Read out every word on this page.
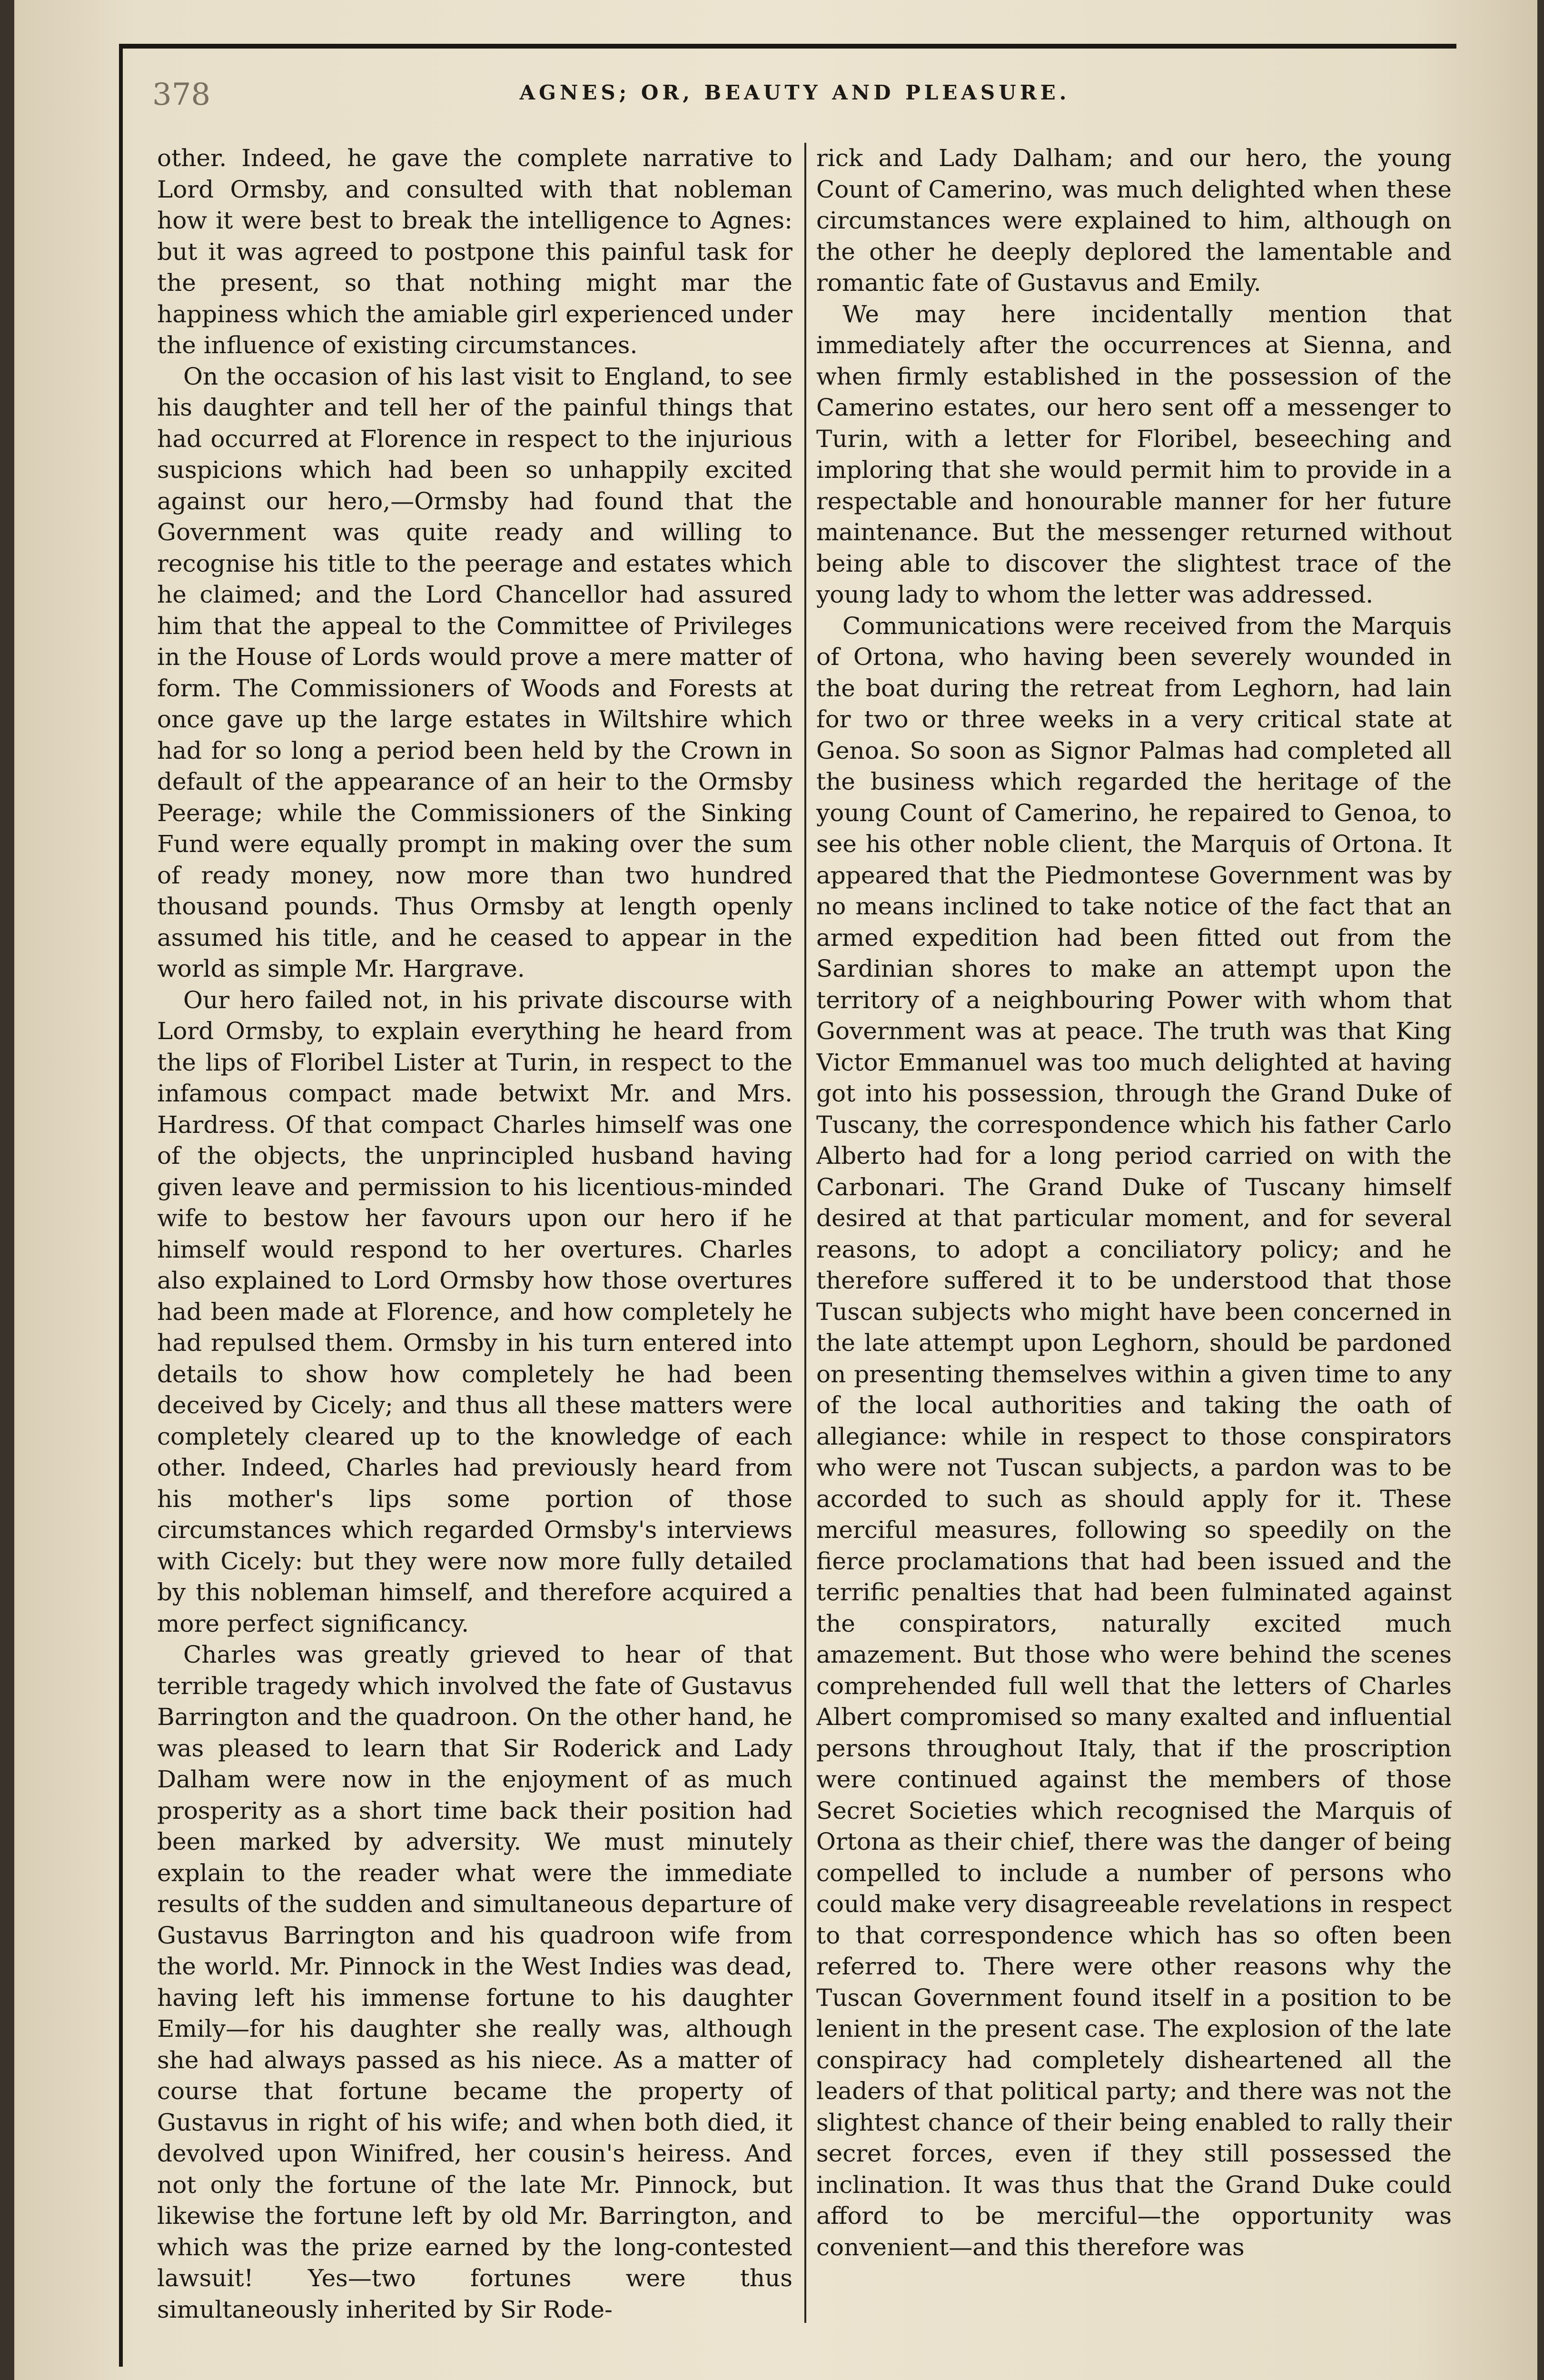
378	AGNES; OR, BEAUTY AND PLEASURE.

other. Indeed, he gave the complete narrative to Lord Ormsby, and consulted with that nobleman how it were best to break the intelligence to Agnes: but it was agreed to postpone this painful task for the present, so that nothing might mar the happiness which the amiable girl experienced under the influence of existing circumstances.

On the occasion of his last visit to England, to see his daughter and tell her of the painful things that had occurred at Florence in respect to the injurious suspicions which had been so unhappily excited against our hero,—Ormsby had found that the Government was quite ready and willing to recognise his title to the peerage and estates which he claimed; and the Lord Chancellor had assured him that the appeal to the Committee of Privileges in the House of Lords would prove a mere matter of form. The Commissioners of Woods and Forests at once gave up the large estates in Wiltshire which had for so long a period been held by the Crown in default of the appearance of an heir to the Ormsby Peerage; while the Commissioners of the Sinking Fund were equally prompt in making over the sum of ready money, now more than two hundred thousand pounds. Thus Ormsby at length openly assumed his title, and he ceased to appear in the world as simple Mr. Hargrave.

Our hero failed not, in his private discourse with Lord Ormsby, to explain everything he heard from the lips of Floribel Lister at Turin, in respect to the infamous compact made betwixt Mr. and Mrs. Hardress. Of that compact Charles himself was one of the objects, the unprincipled husband having given leave and permission to his licentious-minded wife to bestow her favours upon our hero if he himself would respond to her overtures. Charles also explained to Lord Ormsby how those overtures had been made at Florence, and how completely he had repulsed them. Ormsby in his turn entered into details to show how completely he had been deceived by Cicely; and thus all these matters were completely cleared up to the knowledge of each other. Indeed, Charles had previously heard from his mother's lips some portion of those circumstances which regarded Ormsby's interviews with Cicely: but they were now more fully detailed by this nobleman himself, and therefore acquired a more perfect significancy.

Charles was greatly grieved to hear of that terrible tragedy which involved the fate of Gustavus Barrington and the quadroon. On the other hand, he was pleased to learn that Sir Roderick and Lady Dalham were now in the enjoyment of as much prosperity as a short time back their position had been marked by adversity. We must minutely explain to the reader what were the immediate results of the sudden and simultaneous departure of Gustavus Barrington and his quadroon wife from the world. Mr. Pinnock in the West Indies was dead, having left his immense fortune to his daughter Emily—for his daughter she really was, although she had always passed as his niece. As a matter of course that fortune became the property of Gustavus in right of his wife; and when both died, it devolved upon Winifred, her cousin's heiress. And not only the fortune of the late Mr. Pinnock, but likewise the fortune left by old Mr. Barrington, and which was the prize earned by the long-contested lawsuit! Yes—two fortunes were thus simultaneously inherited by Sir Rode-

rick and Lady Dalham; and our hero, the young Count of Camerino, was much delighted when these circumstances were explained to him, although on the other he deeply deplored the lamentable and romantic fate of Gustavus and Emily.

We may here incidentally mention that immediately after the occurrences at Sienna, and when firmly established in the possession of the Camerino estates, our hero sent off a messenger to Turin, with a letter for Floribel, beseeching and imploring that she would permit him to provide in a respectable and honourable manner for her future maintenance. But the messenger returned without being able to discover the slightest trace of the young lady to whom the letter was addressed.

Communications were received from the Marquis of Ortona, who having been severely wounded in the boat during the retreat from Leghorn, had lain for two or three weeks in a very critical state at Genoa. So soon as Signor Palmas had completed all the business which regarded the heritage of the young Count of Camerino, he repaired to Genoa, to see his other noble client, the Marquis of Ortona. It appeared that the Piedmontese Government was by no means inclined to take notice of the fact that an armed expedition had been fitted out from the Sardinian shores to make an attempt upon the territory of a neighbouring Power with whom that Government was at peace. The truth was that King Victor Emmanuel was too much delighted at having got into his possession, through the Grand Duke of Tuscany, the correspondence which his father Carlo Alberto had for a long period carried on with the Carbonari. The Grand Duke of Tuscany himself desired at that particular moment, and for several reasons, to adopt a conciliatory policy; and he therefore suffered it to be understood that those Tuscan subjects who might have been concerned in the late attempt upon Leghorn, should be pardoned on presenting themselves within a given time to any of the local authorities and taking the oath of allegiance: while in respect to those conspirators who were not Tuscan subjects, a pardon was to be accorded to such as should apply for it. These merciful measures, following so speedily on the fierce proclamations that had been issued and the terrific penalties that had been fulminated against the conspirators, naturally excited much amazement. But those who were behind the scenes comprehended full well that the letters of Charles Albert compromised so many exalted and influential persons throughout Italy, that if the proscription were continued against the members of those Secret Societies which recognised the Marquis of Ortona as their chief, there was the danger of being compelled to include a number of persons who could make very disagreeable revelations in respect to that correspondence which has so often been referred to. There were other reasons why the Tuscan Government found itself in a position to be lenient in the present case. The explosion of the late conspiracy had completely disheartened all the leaders of that political party; and there was not the slightest chance of their being enabled to rally their secret forces, even if they still possessed the inclination. It was thus that the Grand Duke could afford to be merciful—the opportunity was convenient—and this therefore was
